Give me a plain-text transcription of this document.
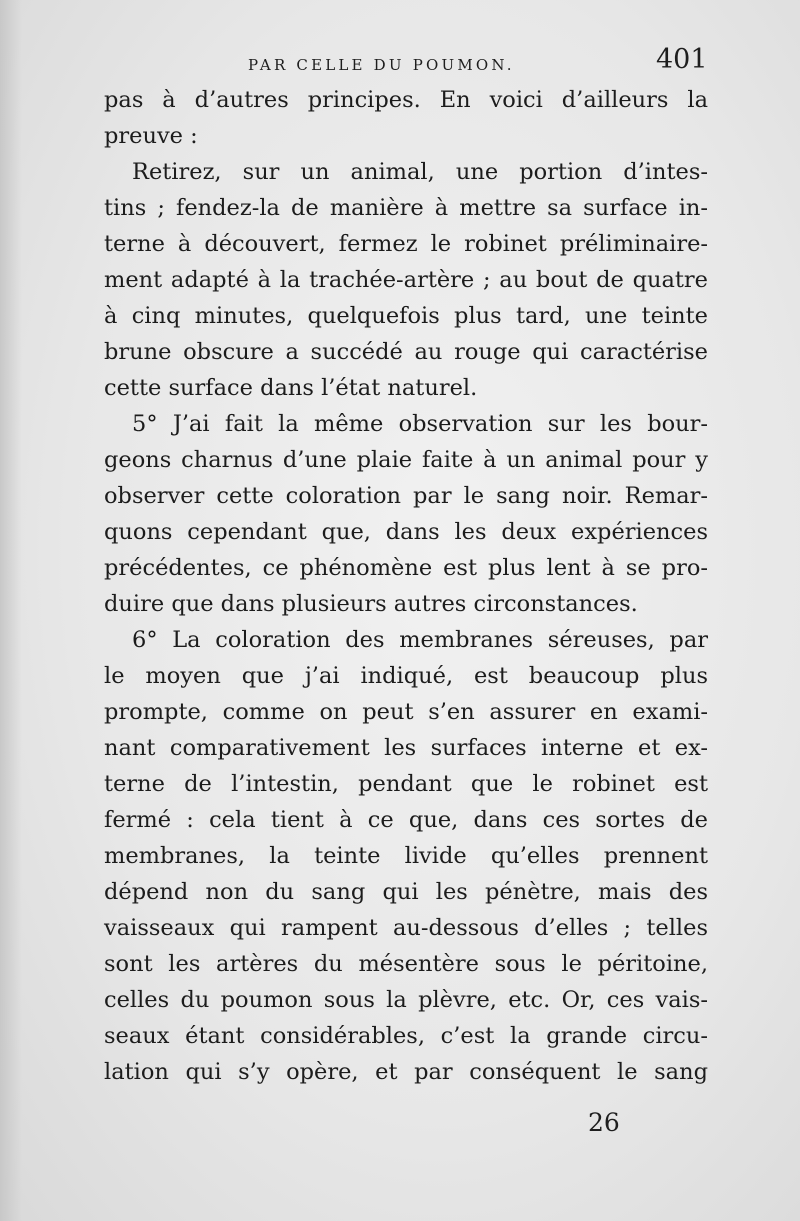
PAR CELLE DU POUMON.	401
pas à d’autres principes. En voici d’ailleurs la
preuve :
Retirez, sur un animal, une portion d’intes-
tins ; fendez-la de manière à mettre sa surface in-
terne à découvert, fermez le robinet préliminaire-
ment adapté à la trachée-artère ; au bout de quatre
à cinq minutes, quelquefois plus tard, une teinte
brune obscure a succédé au rouge qui caractérise
cette surface dans l’état naturel.
5° J’ai fait la même observation sur les bour-
geons charnus d’une plaie faite à un animal pour y
observer cette coloration par le sang noir. Remar-
quons cependant que, dans les deux expériences
précédentes, ce phénomène est plus lent à se pro-
duire que dans plusieurs autres circonstances.
6° La coloration des membranes séreuses, par
le moyen que j’ai indiqué, est beaucoup plus
prompte, comme on peut s’en assurer en exami-
nant comparativement les surfaces interne et ex-
terne de l’intestin, pendant que le robinet est
fermé : cela tient à ce que, dans ces sortes de
membranes, la teinte livide qu’elles prennent
dépend non du sang qui les pénètre, mais des
vaisseaux qui rampent au-dessous d’elles ; telles
sont les artères du mésentère sous le péritoine,
celles du poumon sous la plèvre, etc. Or, ces vais-
seaux étant considérables, c’est la grande circu-
lation qui s’y opère, et par conséquent le sang
26
